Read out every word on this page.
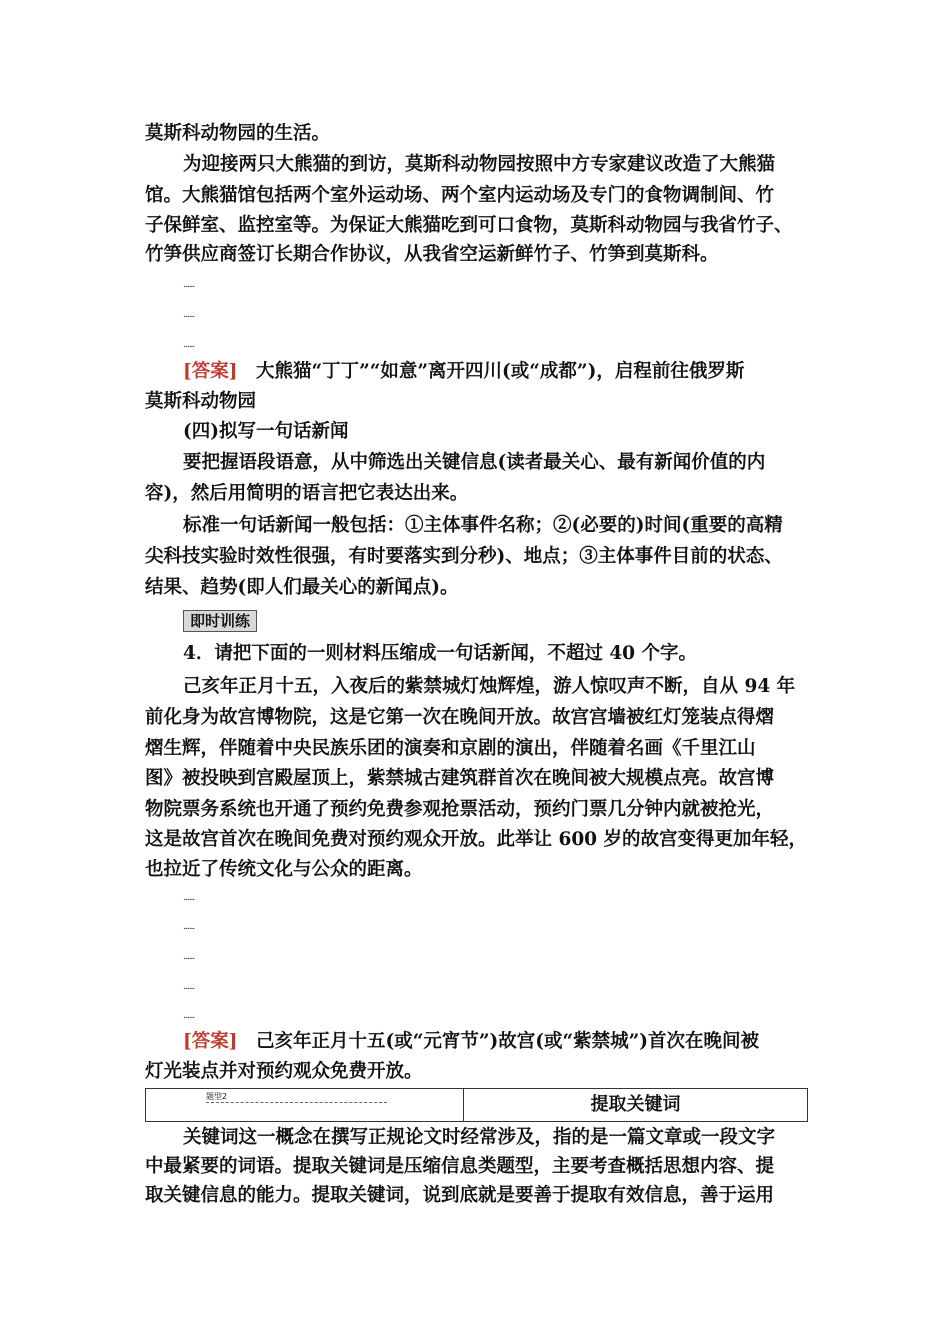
莫斯科动物园的生活。
为迎接两只大熊猫的到访，莫斯科动物园按照中方专家建议改造了大熊猫
馆。大熊猫馆包括两个室外运动场、两个室内运动场及专门的食物调制间、竹
子保鲜室、监控室等。为保证大熊猫吃到可口食物，莫斯科动物园与我省竹子、
竹笋供应商签订长期合作协议，从我省空运新鲜竹子、竹笋到莫斯科。
......
......
......
[答案] 大熊猫“丁丁”“如意”离开四川(或“成都”)，启程前往俄罗斯
莫斯科动物园
(四)拟写一句话新闻
要把握语段语意，从中筛选出关键信息(读者最关心、最有新闻价值的内
容)，然后用简明的语言把它表达出来。
标准一句话新闻一般包括：①主体事件名称；②(必要的)时间(重要的高精
尖科技实验时效性很强，有时要落实到分秒)、地点；③主体事件目前的状态、
结果、趋势(即人们最关心的新闻点)。
即时训练
4．请把下面的一则材料压缩成一句话新闻，不超过 40 个字。
己亥年正月十五，入夜后的紫禁城灯烛辉煌，游人惊叹声不断，自从 94 年
前化身为故宫博物院，这是它第一次在晚间开放。故宫宫墙被红灯笼装点得熠
熠生辉，伴随着中央民族乐团的演奏和京剧的演出，伴随着名画《千里江山
图》被投映到宫殿屋顶上，紫禁城古建筑群首次在晚间被大规模点亮。故宫博
物院票务系统也开通了预约免费参观抢票活动，预约门票几分钟内就被抢光，
这是故宫首次在晚间免费对预约观众开放。此举让 600 岁的故宫变得更加年轻，
也拉近了传统文化与公众的距离。
......
......
......
......
......
[答案] 己亥年正月十五(或“元宵节”)故宫(或“紫禁城”)首次在晚间被
灯光装点并对预约观众免费开放。
题型2	提取关键词
关键词这一概念在撰写正规论文时经常涉及，指的是一篇文章或一段文字
中最紧要的词语。提取关键词是压缩信息类题型，主要考查概括思想内容、提
取关键信息的能力。提取关键词，说到底就是要善于提取有效信息，善于运用
